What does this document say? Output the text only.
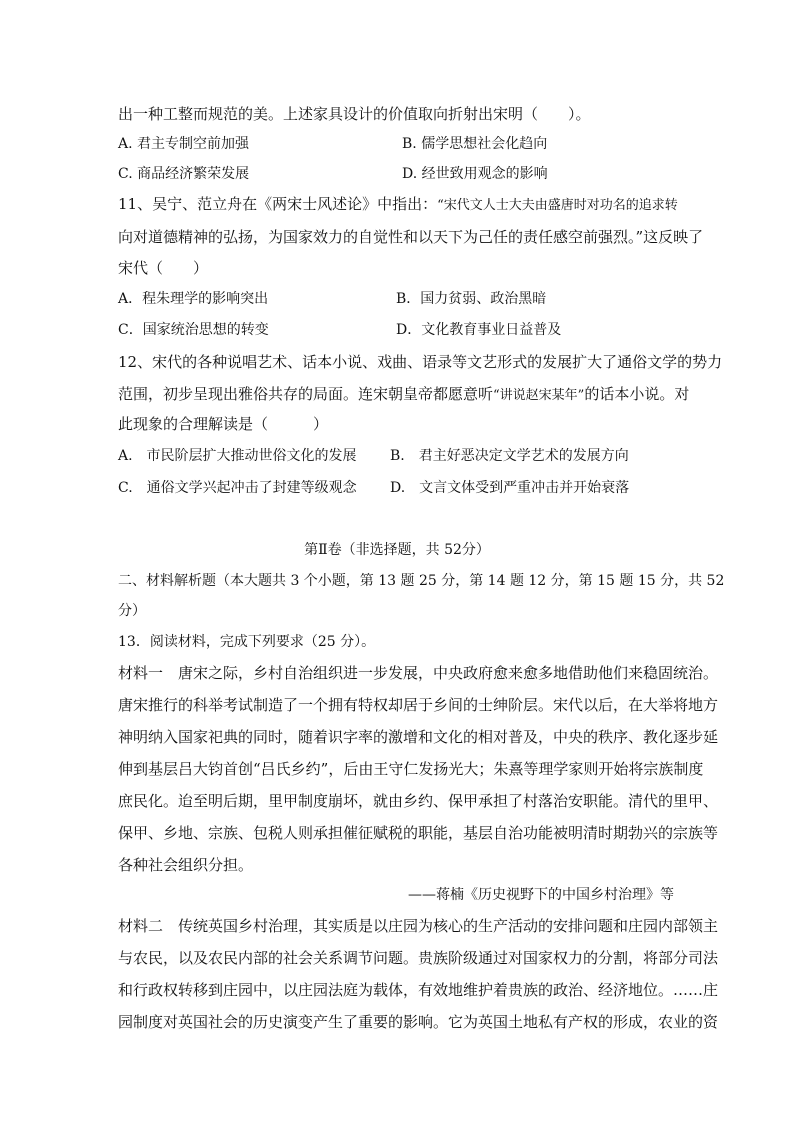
出一种工整而规范的美。上述家具设计的价值取向折射出宋明（　　）。
A. 君主专制空前加强	B. 儒学思想社会化趋向
C. 商品经济繁荣发展	D. 经世致用观念的影响
11、吴宁、范立舟在《两宋士风述论》中指出：“宋代文人士大夫由盛唐时对功名的追求转
向对道德精神的弘扬，为国家效力的自觉性和以天下为己任的责任感空前强烈。”这反映了
宋代（　　）
A．程朱理学的影响突出	B．国力贫弱、政治黑暗
C．国家统治思想的转变	D．文化教育事业日益普及
12、宋代的各种说唱艺术、话本小说、戏曲、语录等文艺形式的发展扩大了通俗文学的势力
范围，初步呈现出雅俗共存的局面。连宋朝皇帝都愿意听“讲说赵宋某年”的话本小说。对
此现象的合理解读是（　　　）
A.　市民阶层扩大推动世俗文化的发展 B.　君主好恶决定文学艺术的发展方向
C.　通俗文学兴起冲击了封建等级观念 D.　文言文体受到严重冲击并开始衰落
第Ⅱ卷（非选择题，共 52分）
二、材料解析题（本大题共 3 个小题，第 13 题 25 分，第 14 题 12 分，第 15 题 15 分，共 52
分）
13．阅读材料，完成下列要求（25 分）。
材料一　唐宋之际，乡村自治组织进一步发展，中央政府愈来愈多地借助他们来稳固统治。
唐宋推行的科举考试制造了一个拥有特权却居于乡间的士绅阶层。宋代以后，在大举将地方
神明纳入国家祀典的同时，随着识字率的激增和文化的相对普及，中央的秩序、教化逐步延
伸到基层吕大钧首创“吕氏乡约”，后由王守仁发扬光大；朱熹等理学家则开始将宗族制度
庶民化。迨至明后期，里甲制度崩坏，就由乡约、保甲承担了村落治安职能。清代的里甲、
保甲、乡地、宗族、包税人则承担催征赋税的职能，基层自治功能被明清时期勃兴的宗族等
各种社会组织分担。
——蒋楠《历史视野下的中国乡村治理》等
材料二　传统英国乡村治理，其实质是以庄园为核心的生产活动的安排问题和庄园内部领主
与农民，以及农民内部的社会关系调节问题。贵族阶级通过对国家权力的分割，将部分司法
和行政权转移到庄园中，以庄园法庭为载体，有效地维护着贵族的政治、经济地位。……庄
园制度对英国社会的历史演变产生了重要的影响。它为英国土地私有产权的形成，农业的资
